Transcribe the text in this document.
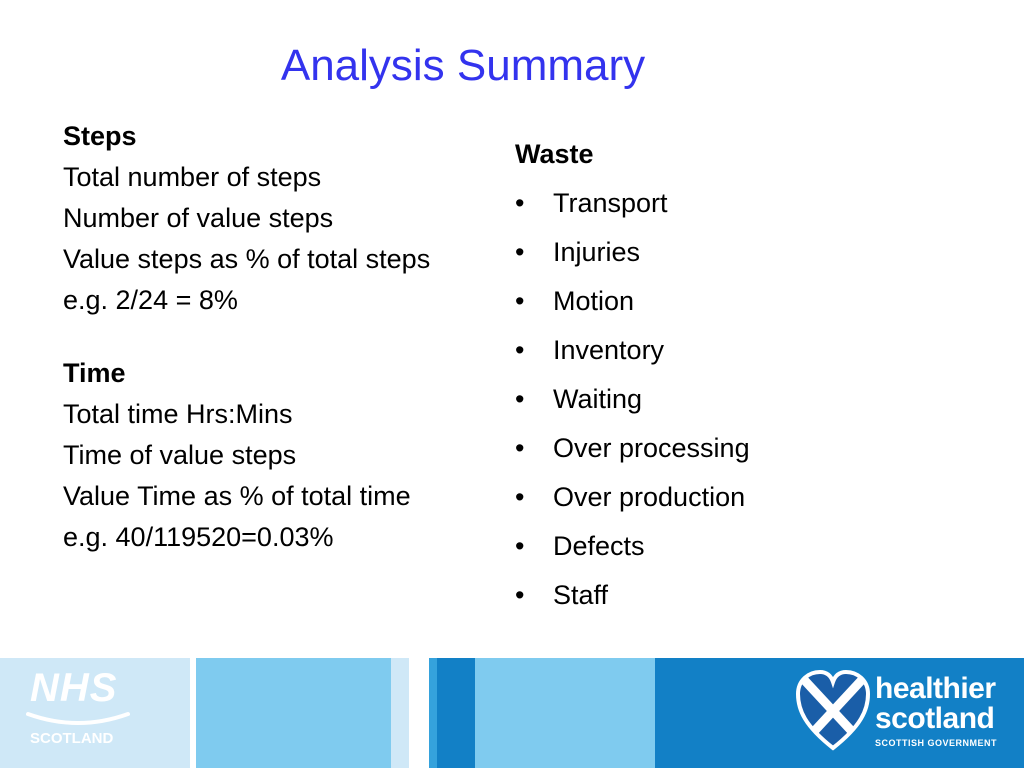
Analysis Summary
Steps
Total number of steps
Number of value steps
Value steps as % of total steps
e.g. 2/24 = 8%
Time
Total time Hrs:Mins
Time of value steps
Value Time as % of total time
e.g. 40/119520=0.03%
Waste
•	Transport
•	Injuries
•	Motion
•	Inventory
•	Waiting
•	Over processing
•	Over production
•	Defects
•	Staff
NHS
SCOTLAND
healthier
scotland
SCOTTISH GOVERNMENT
